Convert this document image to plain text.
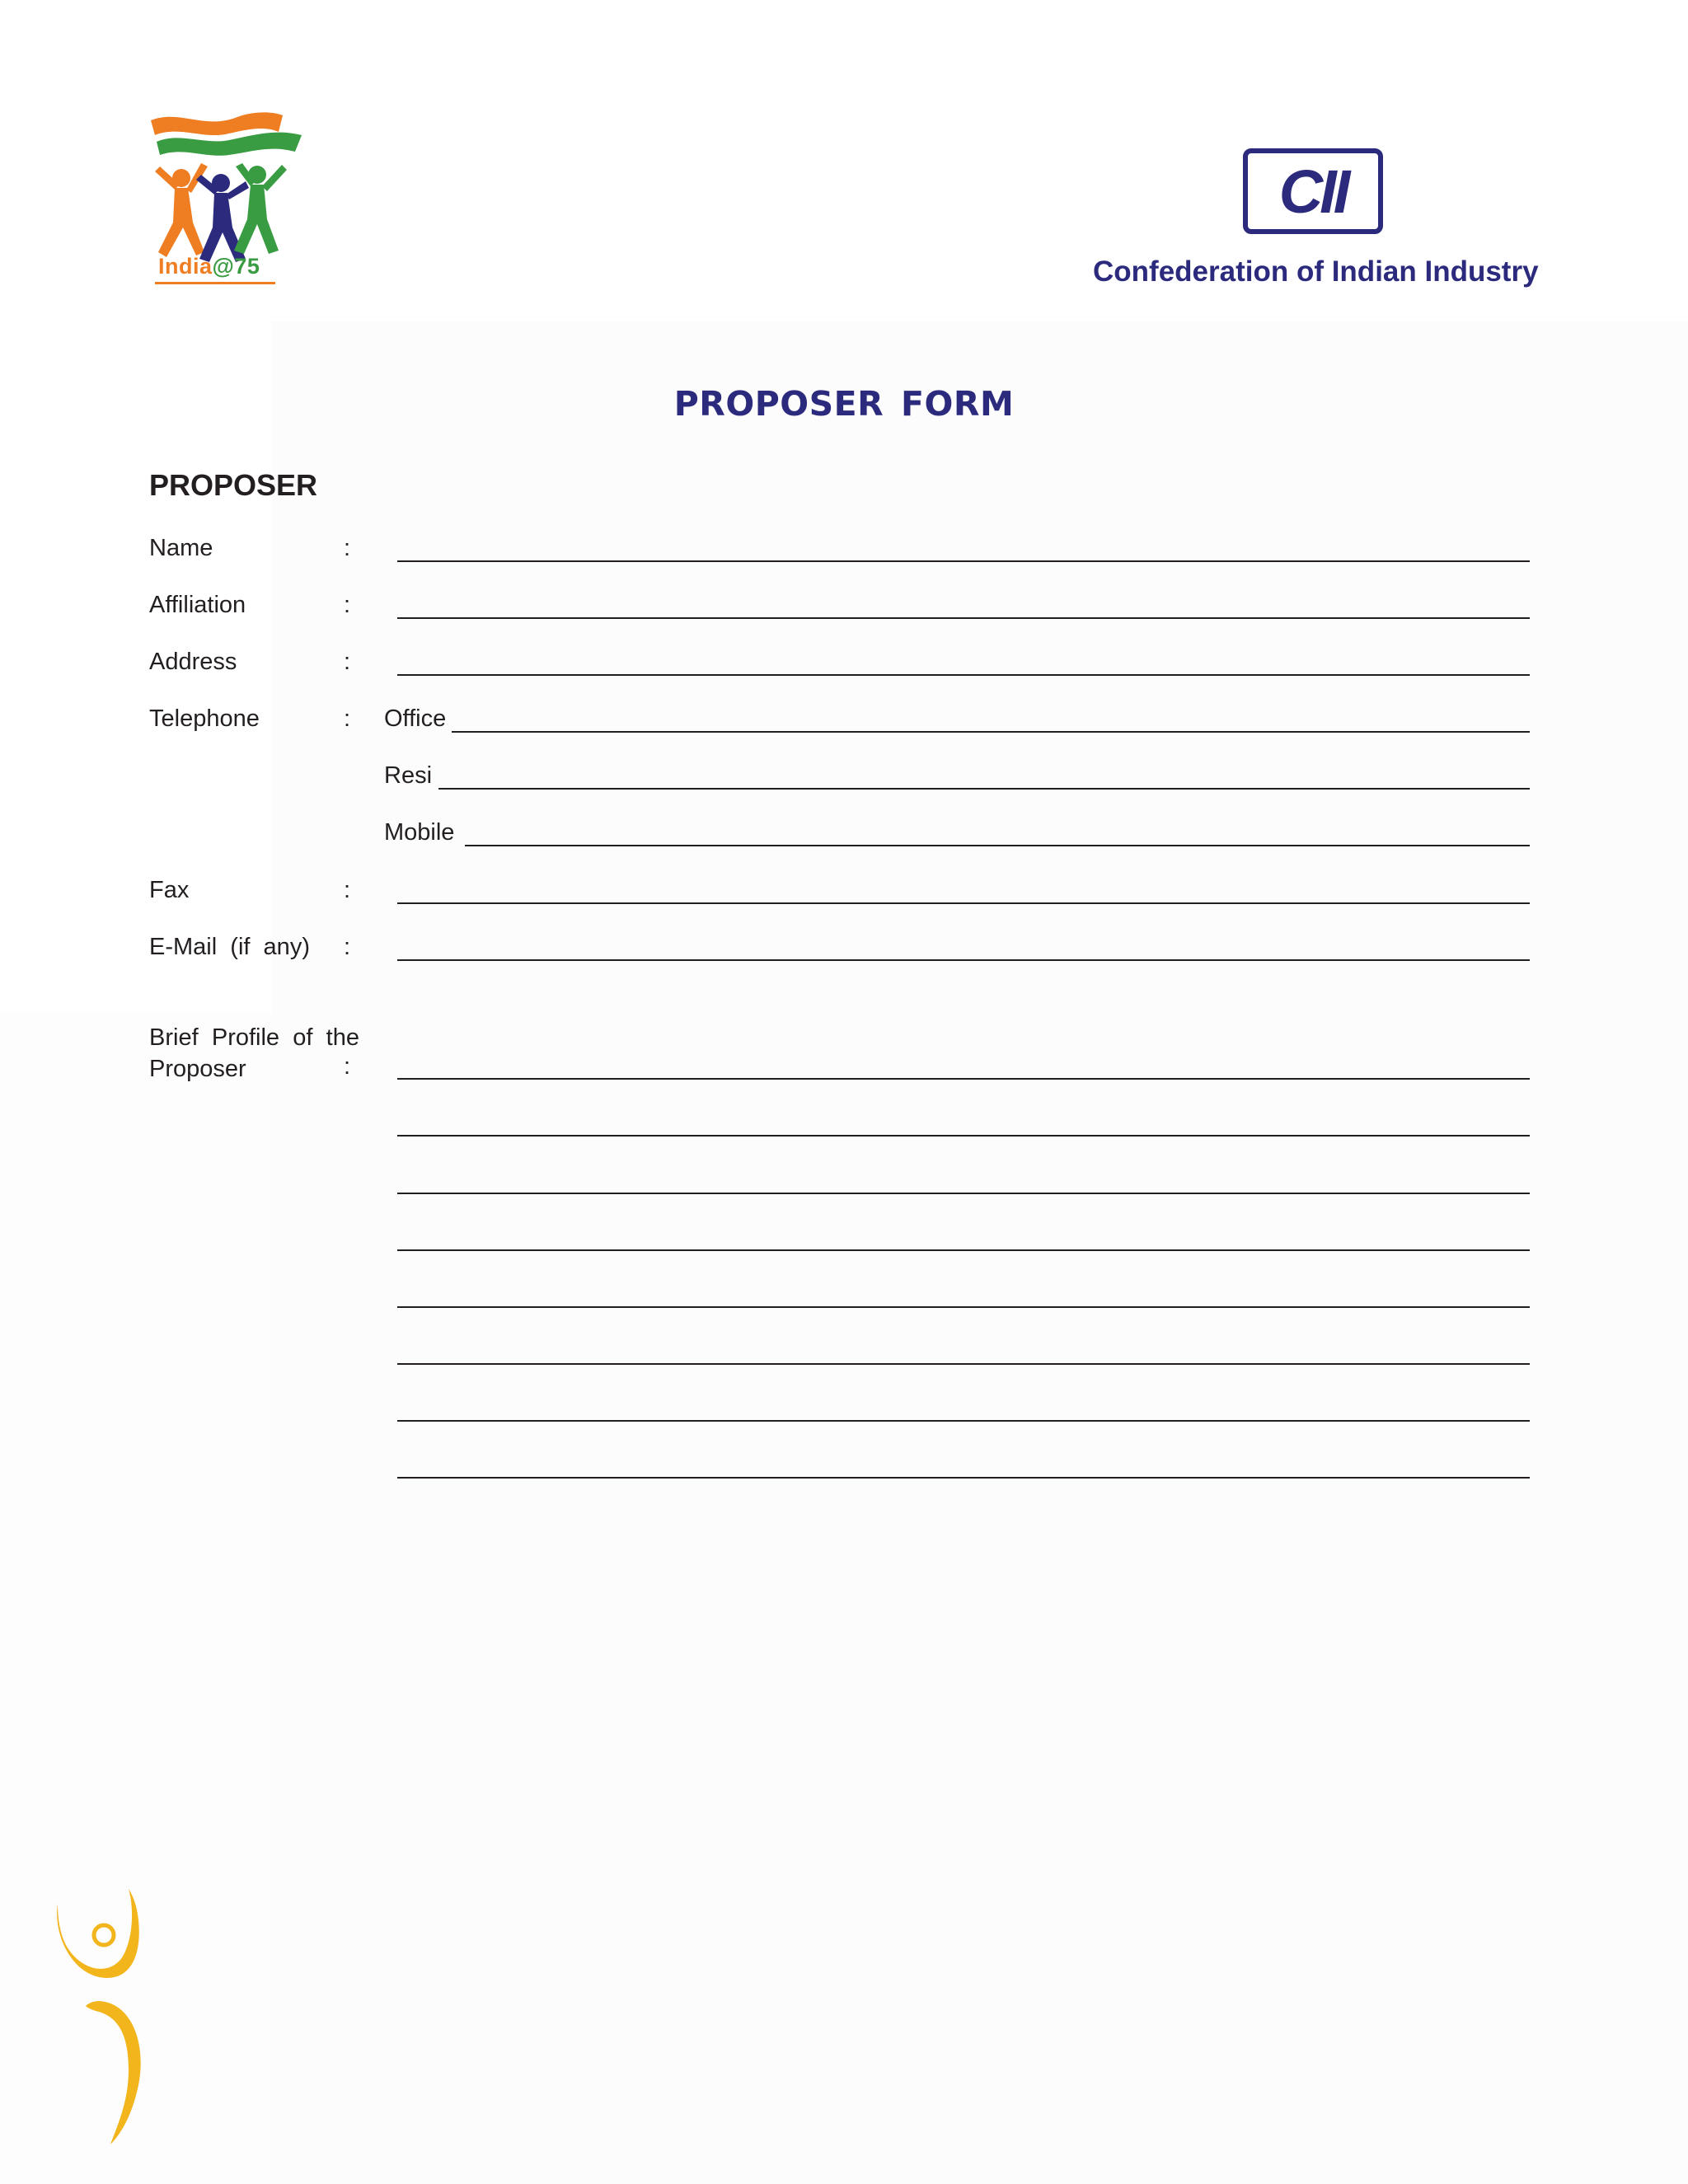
India@75
CII
Confederation of Indian Industry
PROPOSER FORM
PROPOSER
Name	:
Affiliation	:
Address	:
Telephone	: Office
Resi
Mobile
Fax	:
E-Mail  (if  any) :
Brief  Profile  of  the
Proposer	:
